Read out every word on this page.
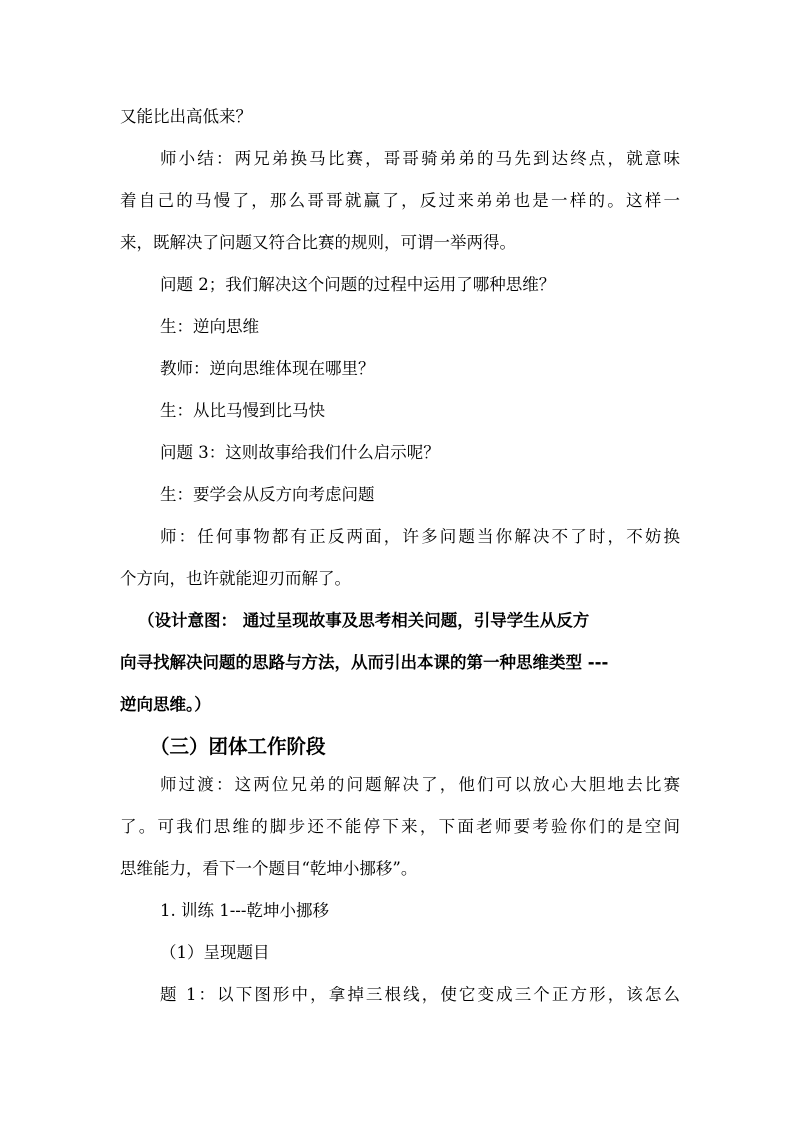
又能比出高低来？
师小结：两兄弟换马比赛，哥哥骑弟弟的马先到达终点，就意味
着自己的马慢了，那么哥哥就赢了，反过来弟弟也是一样的。这样一
来，既解决了问题又符合比赛的规则，可谓一举两得。
问题 2；我们解决这个问题的过程中运用了哪种思维？
生：逆向思维
教师：逆向思维体现在哪里？
生：从比马慢到比马快
问题 3：这则故事给我们什么启示呢？
生：要学会从反方向考虑问题
师：任何事物都有正反两面，许多问题当你解决不了时，不妨换
个方向，也许就能迎刃而解了。
（设计意图： 通过呈现故事及思考相关问题，引导学生从反方
向寻找解决问题的思路与方法，从而引出本课的第一种思维类型 ---
逆向思维。）
（三）团体工作阶段
师过渡：这两位兄弟的问题解决了，他们可以放心大胆地去比赛
了。可我们思维的脚步还不能停下来，下面老师要考验你们的是空间
思维能力，看下一个题目“乾坤小挪移”。
1. 训练 1---乾坤小挪移
（1）呈现题目
题 1：以下图形中，拿掉三根线，使它变成三个正方形，该怎么
